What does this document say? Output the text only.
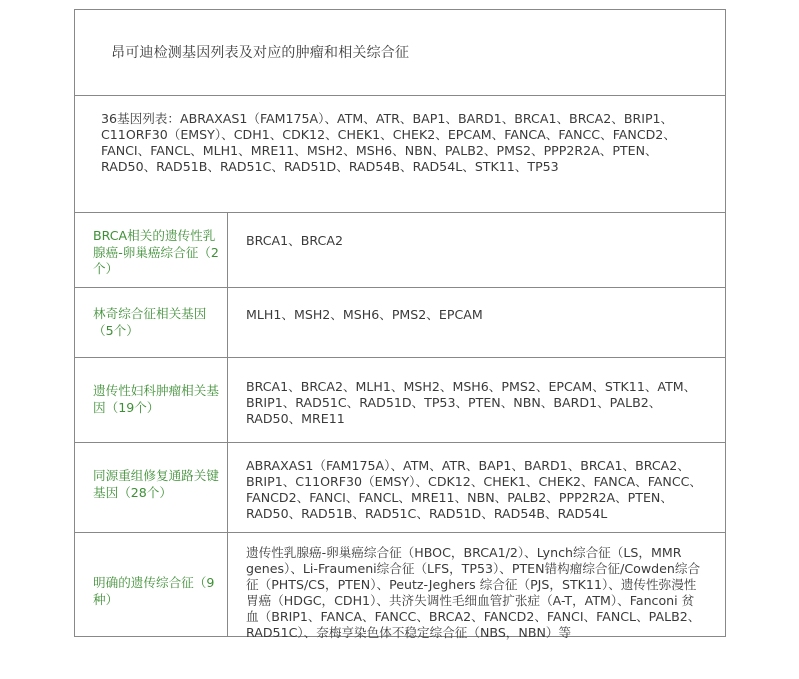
昂可迪检测基因列表及对应的肿瘤和相关综合征
36基因列表：ABRAXAS1（FAM175A）、ATM、ATR、BAP1、BARD1、BRCA1、BRCA2、BRIP1、C11ORF30（EMSY）、CDH1、CDK12、CHEK1、CHEK2、EPCAM、FANCA、FANCC、FANCD2、FANCI、FANCL、MLH1、MRE11、MSH2、MSH6、NBN、PALB2、PMS2、PPP2R2A、PTEN、RAD50、RAD51B、RAD51C、RAD51D、RAD54B、RAD54L、STK11、TP53
BRCA相关的遗传性乳腺癌-卵巢癌综合征（2个）
BRCA1、BRCA2
林奇综合征相关基因（5个）
MLH1、MSH2、MSH6、PMS2、EPCAM
遗传性妇科肿瘤相关基因（19个）
BRCA1、BRCA2、MLH1、MSH2、MSH6、PMS2、EPCAM、STK11、ATM、BRIP1、RAD51C、RAD51D、TP53、PTEN、NBN、BARD1、PALB2、RAD50、MRE11
同源重组修复通路关键基因（28个）
ABRAXAS1（FAM175A）、ATM、ATR、BAP1、BARD1、BRCA1、BRCA2、BRIP1、C11ORF30（EMSY）、CDK12、CHEK1、CHEK2、FANCA、FANCC、FANCD2、FANCI、FANCL、MRE11、NBN、PALB2、PPP2R2A、PTEN、RAD50、RAD51B、RAD51C、RAD51D、RAD54B、RAD54L
明确的遗传综合征（9种）
遗传性乳腺癌-卵巢癌综合征（HBOC，BRCA1/2）、Lynch综合征（LS，MMR genes）、Li-Fraumeni综合征（LFS，TP53）、PTEN错构瘤综合征/Cowden综合征（PHTS/CS，PTEN）、Peutz-Jeghers 综合征（PJS，STK11）、遗传性弥漫性胃癌（HDGC，CDH1）、共济失调性毛细血管扩张症（A-T，ATM）、Fanconi 贫血（BRIP1、FANCA、FANCC、BRCA2、FANCD2、FANCI、FANCL、PALB2、RAD51C）、奈梅亨染色体不稳定综合征（NBS，NBN）等
